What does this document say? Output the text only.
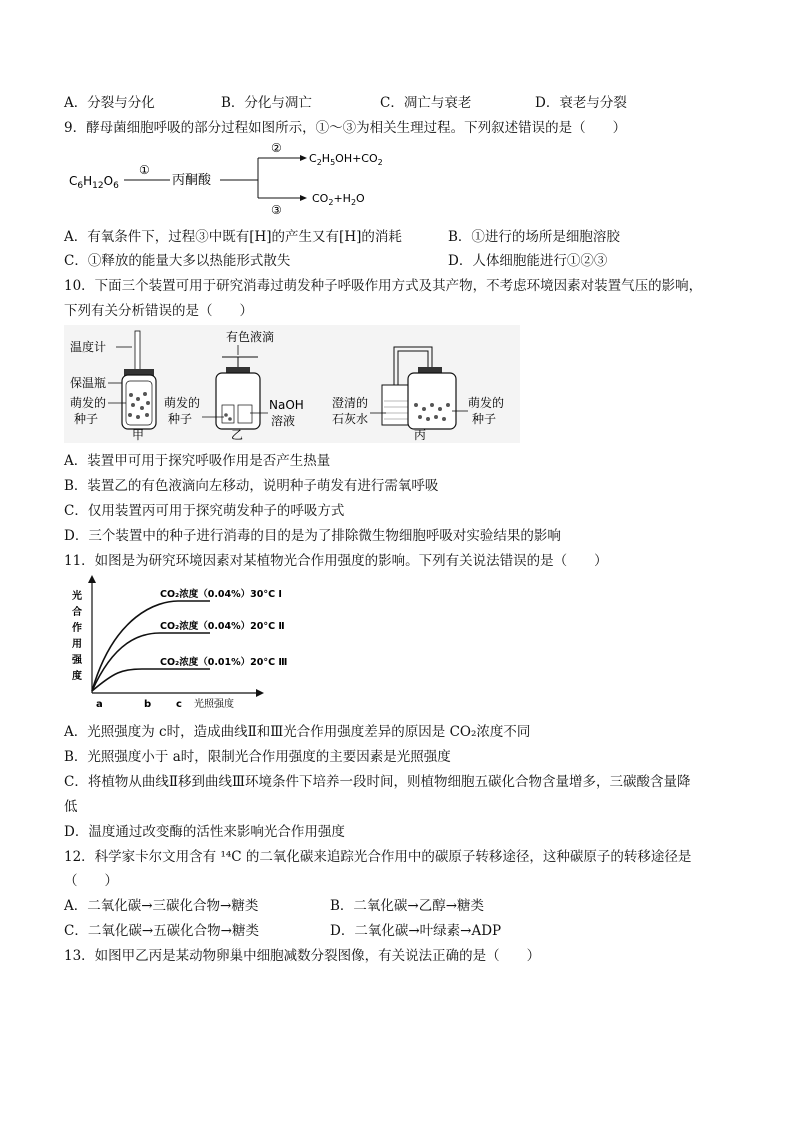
A．分裂与分化	B．分化与凋亡	C．凋亡与衰老	D．衰老与分裂
9．酵母菌细胞呼吸的部分过程如图所示，①～③为相关生理过程。下列叙述错误的是（　　）
$C_6H_{12}O_6$
①
丙酮酸
②
③
$C_2H_5OH+CO_2$
$CO_2+H_2O$
A．有氧条件下，过程③中既有[H]的产生又有[H]的消耗	B．①进行的场所是细胞溶胶
C．①释放的能量大多以热能形式散失	D．人体细胞能进行①②③
10．下面三个装置可用于研究消毒过萌发种子呼吸作用方式及其产物，不考虑环境因素对装置气压的影响，
下列有关分析错误的是（　　）
温度计
保温瓶
萌发的
种子
甲
有色液滴
萌发的
种子
NaOH
溶液
乙
澄清的
石灰水
萌发的
种子
丙
A．装置甲可用于探究呼吸作用是否产生热量
B．装置乙的有色液滴向左移动，说明种子萌发有进行需氧呼吸
C．仅用装置丙可用于探究萌发种子的呼吸方式
D．三个装置中的种子进行消毒的目的是为了排除微生物细胞呼吸对实验结果的影响
11．如图是为研究环境因素对某植物光合作用强度的影响。下列有关说法错误的是（　　）
光
合
作
用
强
度
光照强度
a	b c
CO₂浓度（0.04%）30°C Ⅰ
CO₂浓度（0.04%）20°C Ⅱ
CO₂浓度（0.01%）20°C Ⅲ
A．光照强度为 c时，造成曲线Ⅱ和Ⅲ光合作用强度差异的原因是 CO₂浓度不同
B．光照强度小于 a时，限制光合作用强度的主要因素是光照强度
C．将植物从曲线Ⅱ移到曲线Ⅲ环境条件下培养一段时间，则植物细胞五碳化合物含量增多，三碳酸含量降
低
D．温度通过改变酶的活性来影响光合作用强度
12．科学家卡尔文用含有 ¹⁴C 的二氧化碳来追踪光合作用中的碳原子转移途径，这种碳原子的转移途径是
（　　）
A．二氧化碳→三碳化合物→糖类	B．二氧化碳→乙醇→糖类
C．二氧化碳→五碳化合物→糖类	D．二氧化碳→叶绿素→ADP
13．如图甲乙丙是某动物卵巢中细胞减数分裂图像，有关说法正确的是（　　）
